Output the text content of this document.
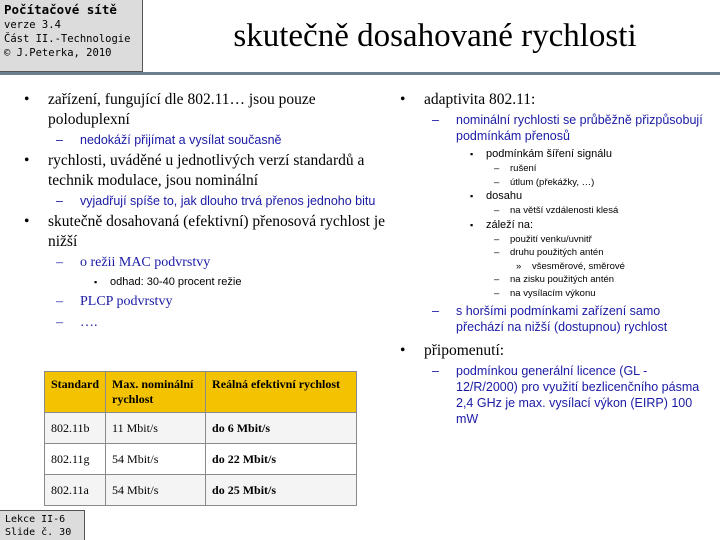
Počítačové sítě
verze 3.4
Část II.-Technologie
© J.Peterka, 2010	skutečně dosahované rychlosti
• zařízení, fungující dle 802.11… jsou pouze poloduplexní
– nedokáží přijímat a vysílat současně
• rychlosti, uváděné u jednotlivých verzí standardů a technik modulace, jsou nominální
– vyjadřují spíše to, jak dlouho trvá přenos jednoho bitu
• skutečně dosahovaná (efektivní) přenosová rychlost je nižší
– o režii MAC podvrstvy
▪ odhad: 30-40 procent režie
– PLCP podvrstvy
– ….
Standard	Max. nominální rychlost	Reálná efektivní rychlost
802.11b	11 Mbit/s	do 6 Mbit/s
802.11g	54 Mbit/s	do 22 Mbit/s
802.11a	54 Mbit/s	do 25 Mbit/s
• adaptivita 802.11:
– nominální rychlosti se průběžně přizpůsobují podmínkám přenosů
▪ podmínkám šíření signálu
– rušení
– útlum (překážky, …)
▪ dosahu
– na větší vzdálenosti klesá
▪ záleží na:
– použití venku/uvnitř
– druhu použitých antén
» všesměrové, směrové
– na zisku použitých antén
– na vysílacím výkonu
– s horšími podmínkami zařízení samo přechází na nižší (dostupnou) rychlost
• připomenutí:
– podmínkou generální licence (GL - 12/R/2000) pro využití bezlicenčního pásma 2,4 GHz je max. vysílací výkon (EIRP) 100 mW
Lekce II-6
Slide č. 30
